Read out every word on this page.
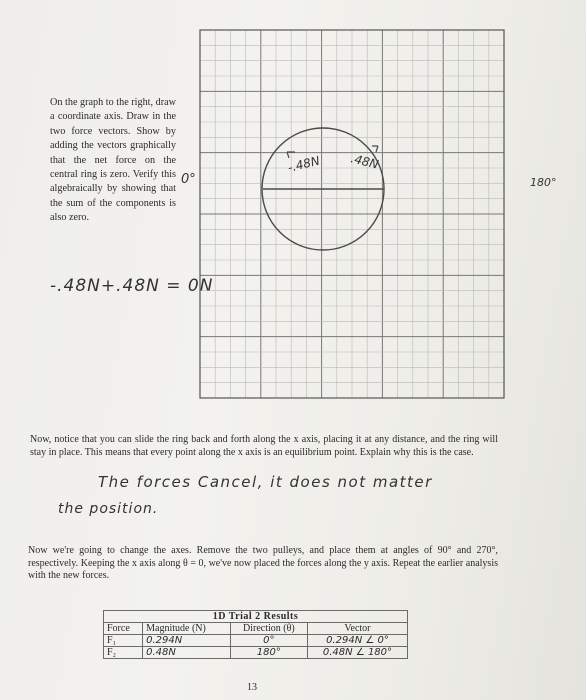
On the graph to the right, draw a coordinate axis. Draw in the two force vectors. Show by adding the vectors graphically that the net force on the central ring is zero. Verify this algebraically by showing that the sum of the components is also zero.
-.48N+.48N = 0N
0°	180°
-.48N .48N
Now, notice that you can slide the ring back and forth along the x axis, placing it at any distance, and the ring will stay in place. This means that every point along the x axis is an equilibrium point. Explain why this is the case.
The forces Cancel, it does not matter
the position.
Now we're going to change the axes. Remove the two pulleys, and place them at angles of 90° and 270°, respectively. Keeping the x axis along θ = 0, we've now placed the forces along the y axis. Repeat the earlier analysis with the new forces.
1D Trial 2 Results			
Force	Magnitude (N)	Direction (θ)	Vector
F₁	0.294N	0°	0.294N ∠ 0°
F₂	0.48N	180°	0.48N ∠ 180°
13
